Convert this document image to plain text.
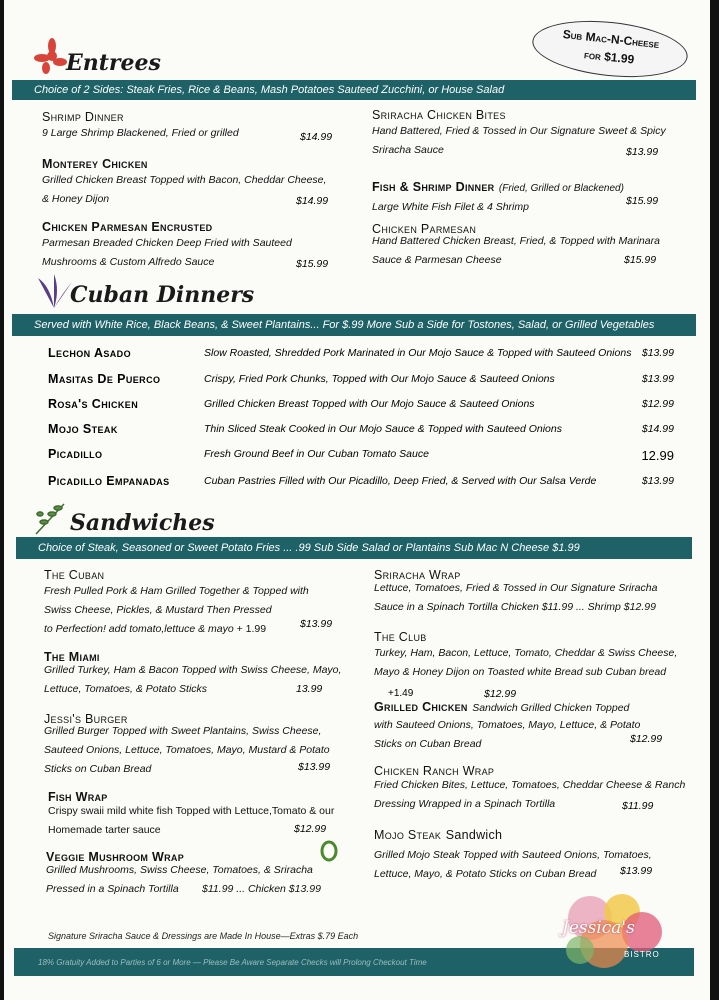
Sub Mac-N-Cheese
for $1.99
Entrees
Choice of 2 Sides: Steak Fries, Rice & Beans, Mash Potatoes Sauteed Zucchini, or House Salad
Shrimp Dinner
9 Large Shrimp Blackened, Fried or grilled	$14.99
Monterey Chicken
Grilled Chicken Breast Topped with Bacon, Cheddar Cheese,
& Honey Dijon	$14.99
Chicken Parmesan Encrusted
Parmesan Breaded Chicken Deep Fried with Sauteed
Mushrooms & Custom Alfredo Sauce	$15.99
Sriracha Chicken Bites
Hand Battered, Fried & Tossed in Our Signature Sweet & Spicy
Sriracha Sauce	$13.99
Fish & Shrimp Dinner (Fried, Grilled or Blackened)
Large White Fish Filet & 4 Shrimp	$15.99
Chicken Parmesan
Hand Battered Chicken Breast, Fried, & Topped with Marinara
Sauce & Parmesan Cheese	$15.99
Cuban Dinners
Served with White Rice, Black Beans, & Sweet Plantains... For $.99 More Sub a Side for Tostones, Salad, or Grilled Vegetables
Lechon Asado	Slow Roasted, Shredded Pork Marinated in Our Mojo Sauce & Topped with Sauteed Onions $13.99
Masitas De Puerco	Crispy, Fried Pork Chunks, Topped with Our Mojo Sauce & Sauteed Onions	$13.99
Rosa's Chicken	Grilled Chicken Breast Topped with Our Mojo Sauce & Sauteed Onions	$12.99
Mojo Steak	Thin Sliced Steak Cooked in Our Mojo Sauce & Topped with Sauteed Onions	$14.99
Picadillo	Fresh Ground Beef in Our Cuban Tomato Sauce	12.99
Picadillo Empanadas	Cuban Pastries Filled with Our Picadillo, Deep Fried, & Served with Our Salsa Verde	$13.99
Sandwiches
Choice of Steak, Seasoned or Sweet Potato Fries ... .99 Sub Side Salad or Plantains Sub Mac N Cheese $1.99
The Cuban
Fresh Pulled Pork & Ham Grilled Together & Topped with
Swiss Cheese, Pickles, & Mustard Then Pressed
to Perfection! add tomato,lettuce & mayo + 1.99	$13.99
The Miami
Grilled Turkey, Ham & Bacon Topped with Swiss Cheese, Mayo,
Lettuce, Tomatoes, & Potato Sticks	13.99
Jessi's Burger
Grilled Burger Topped with Sweet Plantains, Swiss Cheese,
Sauteed Onions, Lettuce, Tomatoes, Mayo, Mustard & Potato
Sticks on Cuban Bread	$13.99
Fish Wrap
Crispy swaii mild white fish Topped with Lettuce,Tomato & our
Homemade tarter sauce	$12.99
Veggie Mushroom Wrap
Grilled Mushrooms, Swiss Cheese, Tomatoes, & Sriracha
Pressed in a Spinach Tortilla $11.99 ... Chicken $13.99
Sriracha Wrap
Lettuce, Tomatoes, Fried & Tossed in Our Signature Sriracha
Sauce in a Spinach Tortilla Chicken $11.99 ... Shrimp $12.99
The Club
Turkey, Ham, Bacon, Lettuce, Tomato, Cheddar & Swiss Cheese,
Mayo & Honey Dijon on Toasted white Bread sub Cuban bread
+1.49	$12.99
Grilled Chicken Sandwich Grilled Chicken Topped
with Sauteed Onions, Tomatoes, Mayo, Lettuce, & Potato
Sticks on Cuban Bread	$12.99
Chicken Ranch Wrap
Fried Chicken Bites, Lettuce, Tomatoes, Cheddar Cheese & Ranch
Dressing Wrapped in a Spinach Tortilla	$11.99
Mojo Steak Sandwich
Grilled Mojo Steak Topped with Sauteed Onions, Tomatoes,
Lettuce, Mayo, & Potato Sticks on Cuban Bread	$13.99
Signature Sriracha Sauce & Dressings are Made In House—Extras $.79 Each
18% Gratuity Added to Parties of 6 or More — Please Be Aware Separate Checks will Prolong Checkout Time
Jessica's
BISTRO
